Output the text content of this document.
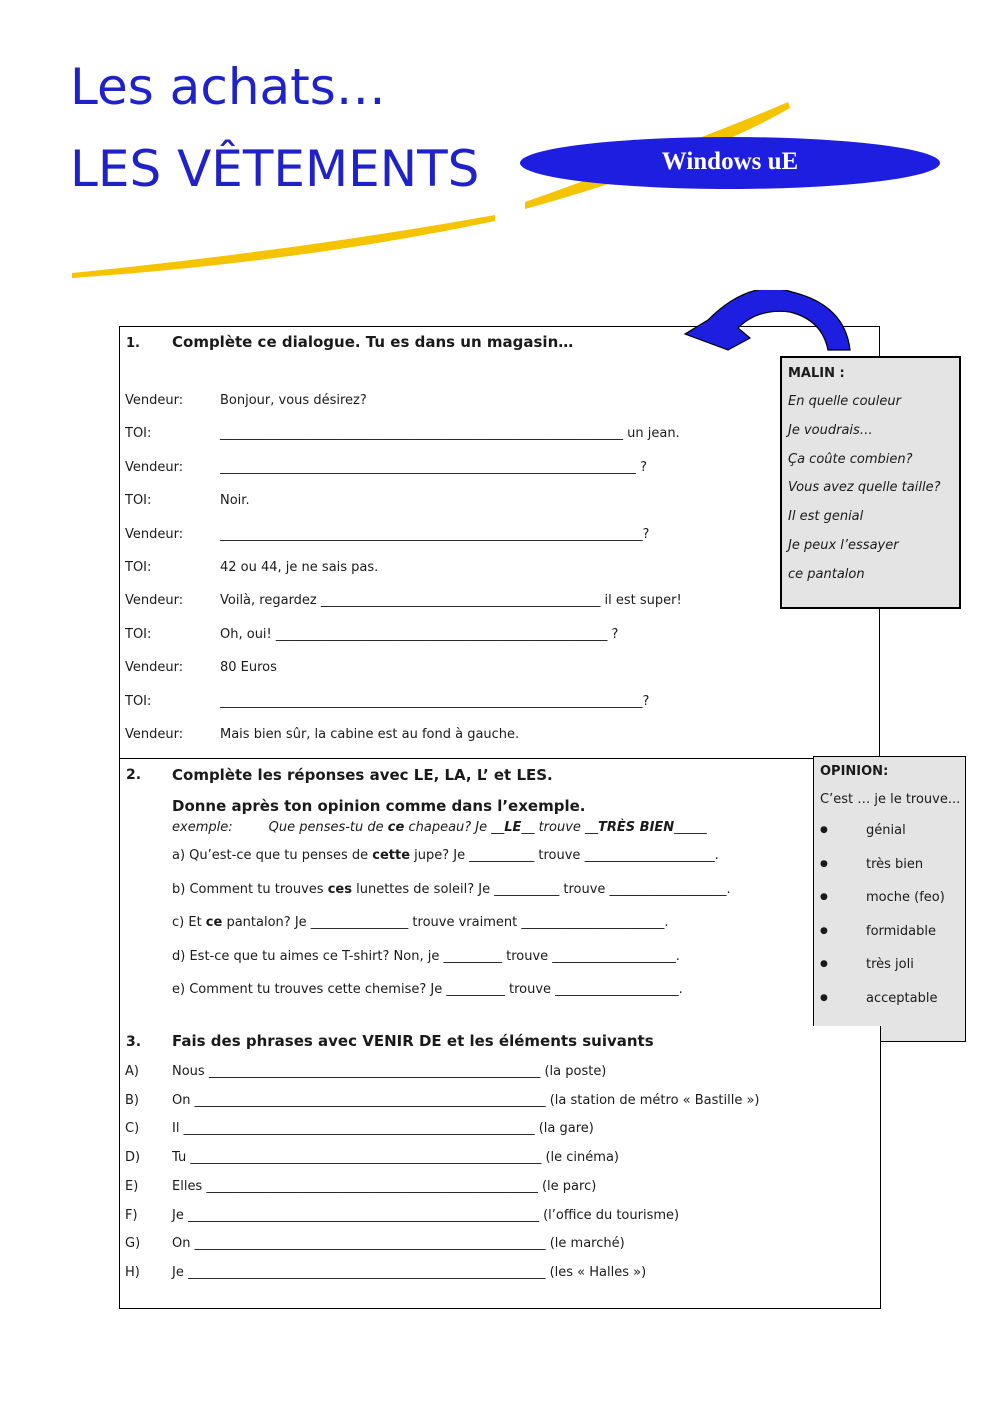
Les achats…
LES VÊTEMENTS	Windows uE
1. Complète ce dialogue. Tu es dans un magasin…
Vendeur:	Bonjour, vous désirez?
TOI:	______________________________________________________________ un jean.
Vendeur:	________________________________________________________________ ?
TOI:	Noir.
Vendeur:	_________________________________________________________________?
TOI:	42 ou 44, je ne sais pas.
Vendeur:	Voilà, regardez ___________________________________________ il est super!
TOI:	Oh, oui! ___________________________________________________ ?
Vendeur:	80 Euros
TOI:	_________________________________________________________________?
Vendeur:	Mais bien sûr, la cabine est au fond à gauche.
MALIN :
En quelle couleur
Je voudrais…
Ça coûte combien?
Vous avez quelle taille?
Il est genial
Je peux l’essayer
ce pantalon
2. Complète les réponses avec LE, LA, L’ et LES.
Donne après ton opinion comme dans l’exemple.
exemple:	Que penses-tu de ce chapeau? Je __LE__ trouve __TRÈS BIEN_____
a) Qu’est-ce que tu penses de cette jupe? Je __________ trouve ____________________.
b) Comment tu trouves ces lunettes de soleil? Je __________ trouve __________________.
c) Et ce pantalon? Je _______________ trouve vraiment ______________________.
d) Est-ce que tu aimes ce T-shirt? Non, je _________ trouve ___________________.
e) Comment tu trouves cette chemise? Je _________ trouve ___________________.
OPINION:
C’est … je le trouve...
●	génial
●	très bien
●	moche (feo)
●	formidable
●	très joli
●	acceptable
3. Fais des phrases avec VENIR DE et les éléments suivants
A)	Nous ___________________________________________________ (la poste)
B)	On ______________________________________________________ (la station de métro « Bastille »)
C)	Il ______________________________________________________ (la gare)
D) Tu ______________________________________________________ (le cinéma)
E)	Elles ___________________________________________________ (le parc)
F)	Je ______________________________________________________ (l’office du tourisme)
G) On ______________________________________________________ (le marché)
H) Je _______________________________________________________ (les « Halles »)
